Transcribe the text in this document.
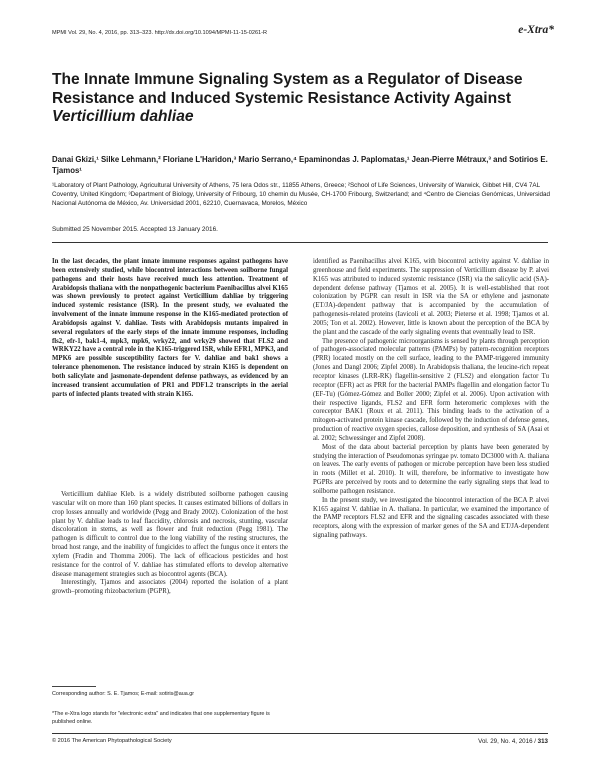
MPMI Vol. 29, No. 4, 2016, pp. 313–323. http://dx.doi.org/10.1094/MPMI-11-15-0261-R	e-Xtra*
The Innate Immune Signaling System as a Regulator of Disease Resistance and Induced Systemic Resistance Activity Against Verticillium dahliae

Danai Gkizi,¹ Silke Lehmann,² Floriane L'Haridon,³ Mario Serrano,⁴ Epaminondas J. Paplomatas,¹ Jean-Pierre Métraux,³ and Sotirios E. Tjamos¹

¹Laboratory of Plant Pathology, Agricultural University of Athens, 75 Iera Odos str., 11855 Athens, Greece; ²School of Life Sciences, University of Warwick, Gibbet Hill, CV4 7AL Coventry, United Kingdom; ³Department of Biology, University of Fribourg, 10 chemin du Musée, CH-1700 Fribourg, Switzerland; and ⁴Centro de Ciencias Genómicas, Universidad Nacional Autónoma de México, Av. Universidad 2001, 62210, Cuernavaca, Morelos, México

Submitted 25 November 2015. Accepted 13 January 2016.

In the last decades, the plant innate immune responses against pathogens have been extensively studied, while biocontrol interactions between soilborne fungal pathogens and their hosts have received much less attention. Treatment of Arabidopsis thaliana with the nonpathogenic bacterium Paenibacillus alvei K165 was shown previously to protect against Verticillium dahliae by triggering induced systemic resistance (ISR). In the present study, we evaluated the involvement of the innate immune response in the K165-mediated protection of Arabidopsis against V. dahliae. Tests with Arabidopsis mutants impaired in several regulators of the early steps of the innate immune responses, including fls2, efr-1, bak1-4, mpk3, mpk6, wrky22, and wrky29 showed that FLS2 and WRKY22 have a central role in the K165-triggered ISR, while EFR1, MPK3, and MPK6 are possible susceptibility factors for V. dahliae and bak1 shows a tolerance phenomenon. The resistance induced by strain K165 is dependent on both salicylate and jasmonate-dependent defense pathways, as evidenced by an increased transient accumulation of PR1 and PDF1.2 transcripts in the aerial parts of infected plants treated with strain K165.

Verticillium dahliae Kleb. is a widely distributed soilborne pathogen causing vascular wilt on more than 160 plant species. It causes estimated billions of dollars in crop losses annually and worldwide (Pegg and Brady 2002). Colonization of the host plant by V. dahliae leads to leaf flaccidity, chlorosis and necrosis, stunting, vascular discoloration in stems, as well as flower and fruit reduction (Pegg 1981). The pathogen is difficult to control due to the long viability of the resting structures, the broad host range, and the inability of fungicides to affect the fungus once it enters the xylem (Fradin and Thomma 2006). The lack of efficacious pesticides and host resistance for the control of V. dahliae has stimulated efforts to develop alternative disease management strategies such as biocontrol agents (BCA).

Interestingly, Tjamos and associates (2004) reported the isolation of a plant growth–promoting rhizobacterium (PGPR),

identified as Paenibacillus alvei K165, with biocontrol activity against V. dahliae in greenhouse and field experiments. The suppression of Verticillium disease by P. alvei K165 was attributed to induced systemic resistance (ISR) via the salicylic acid (SA)-dependent defense pathway (Tjamos et al. 2005). It is well-established that root colonization by PGPR can result in ISR via the SA or ethylene and jasmonate (ET/JA)-dependent pathway that is accompanied by the accumulation of pathogenesis-related proteins (Iavicoli et al. 2003; Pieterse et al. 1998; Tjamos et al. 2005; Ton et al. 2002). However, little is known about the perception of the BCA by the plant and the cascade of the early signaling events that eventually lead to ISR.

The presence of pathogenic microorganisms is sensed by plants through perception of pathogen-associated molecular patterns (PAMPs) by pattern-recognition receptors (PRR) located mostly on the cell surface, leading to the PAMP-triggered immunity (Jones and Dangl 2006; Zipfel 2008). In Arabidopsis thaliana, the leucine-rich repeat receptor kinases (LRR-RK) flagellin-sensitive 2 (FLS2) and elongation factor Tu receptor (EFR) act as PRR for the bacterial PAMPs flagellin and elongation factor Tu (EF-Tu) (Gómez-Gómez and Boller 2000; Zipfel et al. 2006). Upon activation with their respective ligands, FLS2 and EFR form heteromeric complexes with the coreceptor BAK1 (Roux et al. 2011). This binding leads to the activation of a mitogen-activated protein kinase cascade, followed by the induction of defense genes, production of reactive oxygen species, callose deposition, and synthesis of SA (Asai et al. 2002; Schwessinger and Zipfel 2008).

Most of the data about bacterial perception by plants have been generated by studying the interaction of Pseudomonas syringae pv. tomato DC3000 with A. thaliana on leaves. The early events of pathogen or microbe perception have been less studied in roots (Millet et al. 2010). It will, therefore, be informative to investigate how PGPRs are perceived by roots and to determine the early signaling steps that lead to soilborne pathogen resistance.

In the present study, we investigated the biocontrol interaction of the BCA P. alvei K165 against V. dahliae in A. thaliana. In particular, we examined the importance of the PAMP receptors FLS2 and EFR and the signaling cascades associated with these receptors, along with the expression of marker genes of the SA and ET/JA-dependent signaling pathways.

Corresponding author: S. E. Tjamos; E-mail: sotiris@aua.gr
*The e-Xtra logo stands for "electronic extra" and indicates that one supplementary figure is published online.
© 2016 The American Phytopathological Society	Vol. 29, No. 4, 2016 / 313
